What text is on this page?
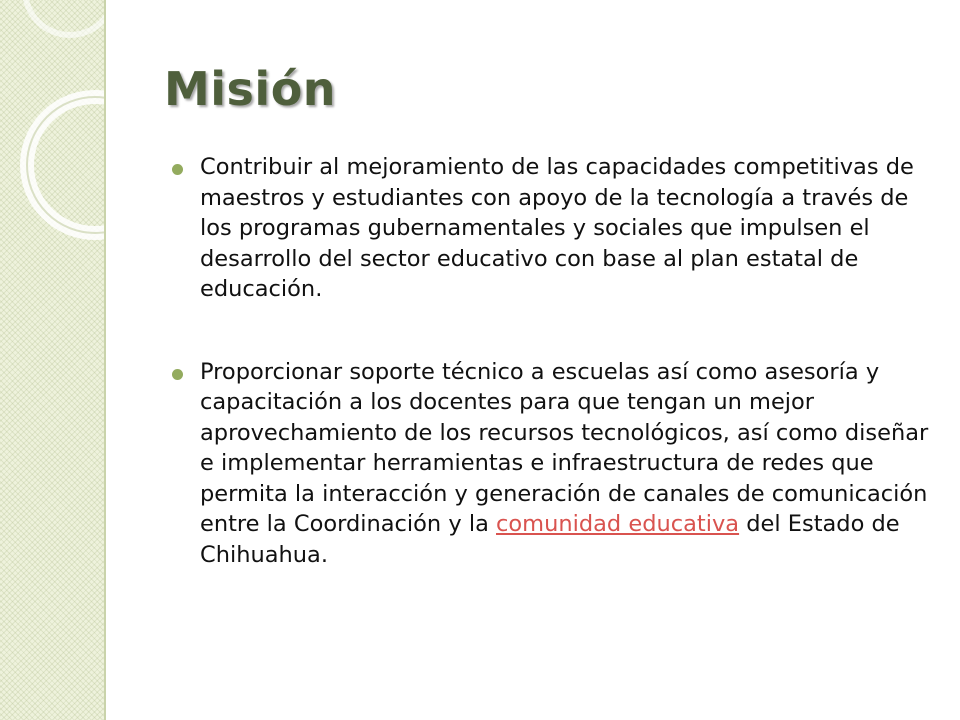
Misión
Contribuir al mejoramiento de las capacidades competitivas de maestros y estudiantes con apoyo de la tecnología a través de los programas gubernamentales y sociales que impulsen el desarrollo del sector educativo con base al plan estatal de educación.
Proporcionar soporte técnico a escuelas así como asesoría y capacitación a los docentes para que tengan un mejor aprovechamiento de los recursos tecnológicos, así como diseñar e implementar herramientas e infraestructura de redes que permita la interacción y generación de canales de comunicación entre la Coordinación y la comunidad educativa del Estado de Chihuahua.
